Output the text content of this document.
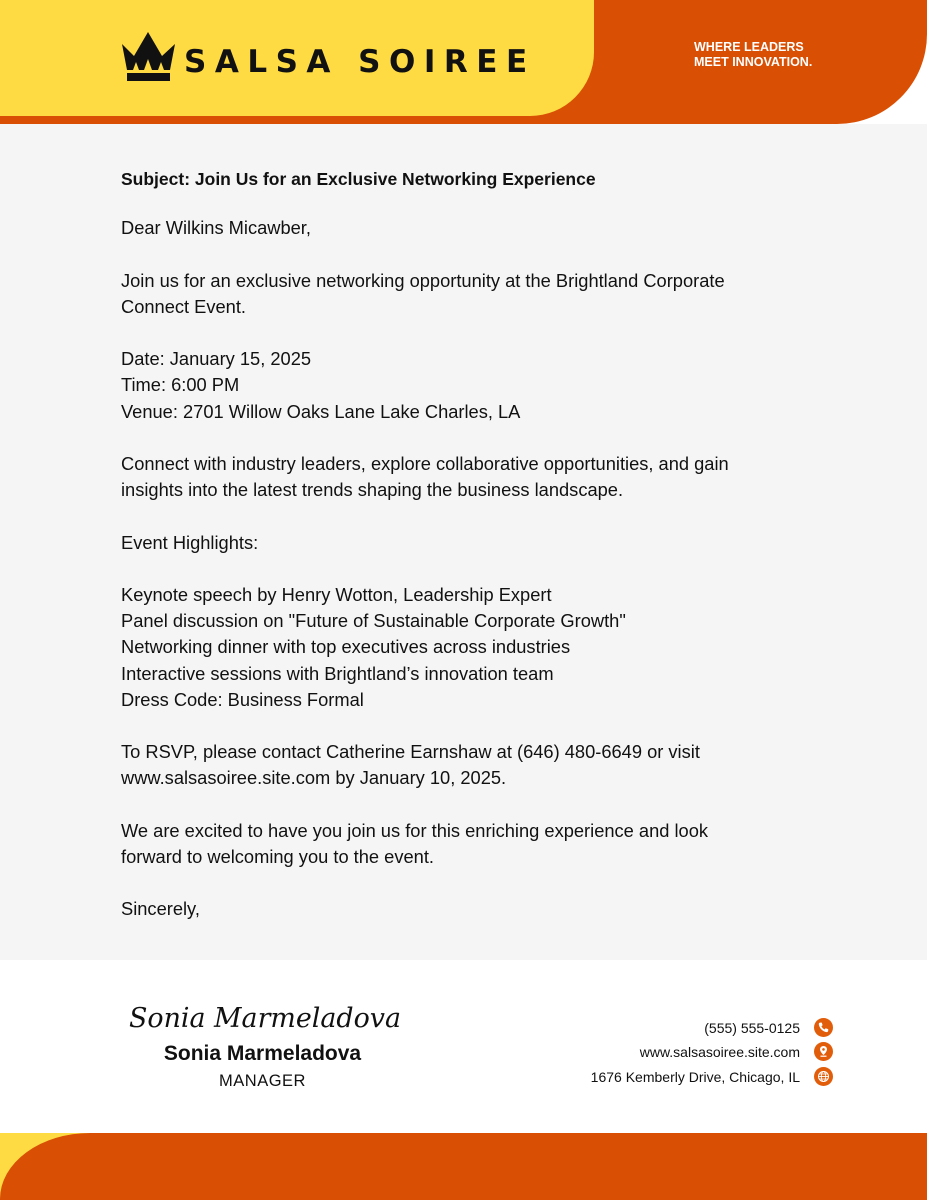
SALSA SOIREE	WHERE LEADERS
MEET INNOVATION.

Subject: Join Us for an Exclusive Networking Experience

Dear Wilkins Micawber,

Join us for an exclusive networking opportunity at the Brightland Corporate
Connect Event.

Date: January 15, 2025
Time: 6:00 PM
Venue: 2701 Willow Oaks Lane Lake Charles, LA

Connect with industry leaders, explore collaborative opportunities, and gain
insights into the latest trends shaping the business landscape.

Event Highlights:

Keynote speech by Henry Wotton, Leadership Expert
Panel discussion on "Future of Sustainable Corporate Growth"
Networking dinner with top executives across industries
Interactive sessions with Brightland’s innovation team
Dress Code: Business Formal

To RSVP, please contact Catherine Earnshaw at (646) 480-6649 or visit
www.salsasoiree.site.com by January 10, 2025.

We are excited to have you join us for this enriching experience and look
forward to welcoming you to the event.

Sincerely,

Sonia Marmeladova
Sonia Marmeladova
MANAGER
(555) 555-0125
www.salsasoiree.site.com
1676 Kemberly Drive, Chicago, IL
